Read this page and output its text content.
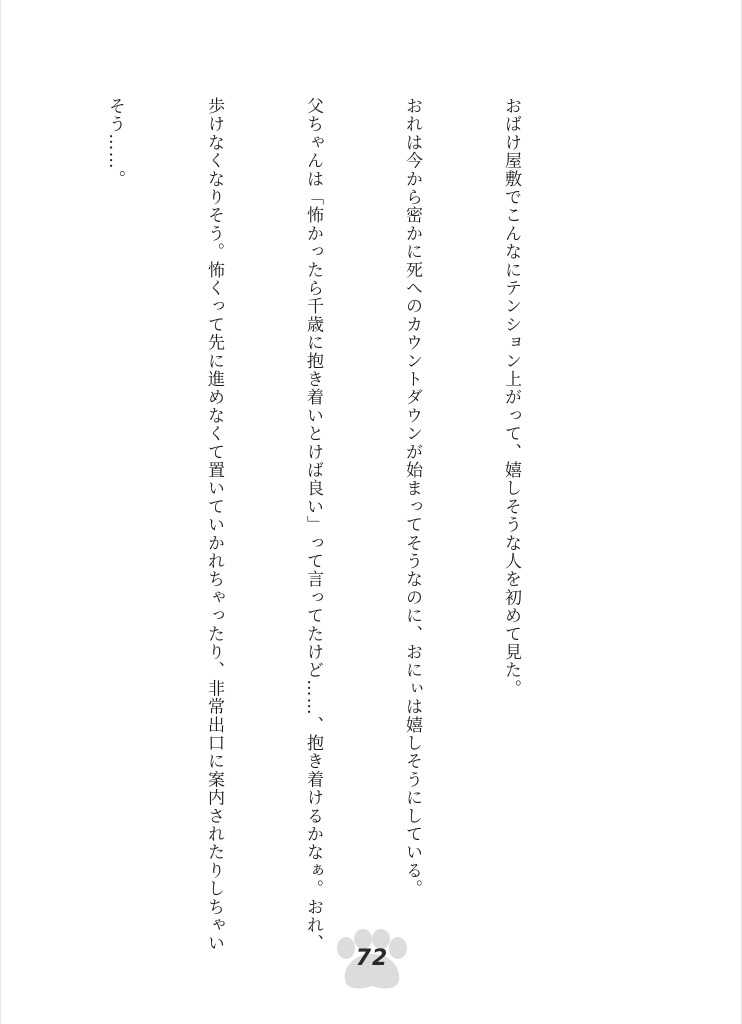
おばけ屋敷でこんなにテンション上がって、嬉しそうな人を初めて見た。

おれは今から密かに死へのカウントダウンが始まってそうなのに、おにぃは嬉しそうにしている。

父ちゃんは「怖かったら千歳に抱き着いとけば良い」って言ってたけど……、抱き着けるかなぁ。おれ、

歩けなくなりそう。怖くって先に進めなくて置いていかれちゃったり、非常出口に案内されたりしちゃい

そう……。

72
